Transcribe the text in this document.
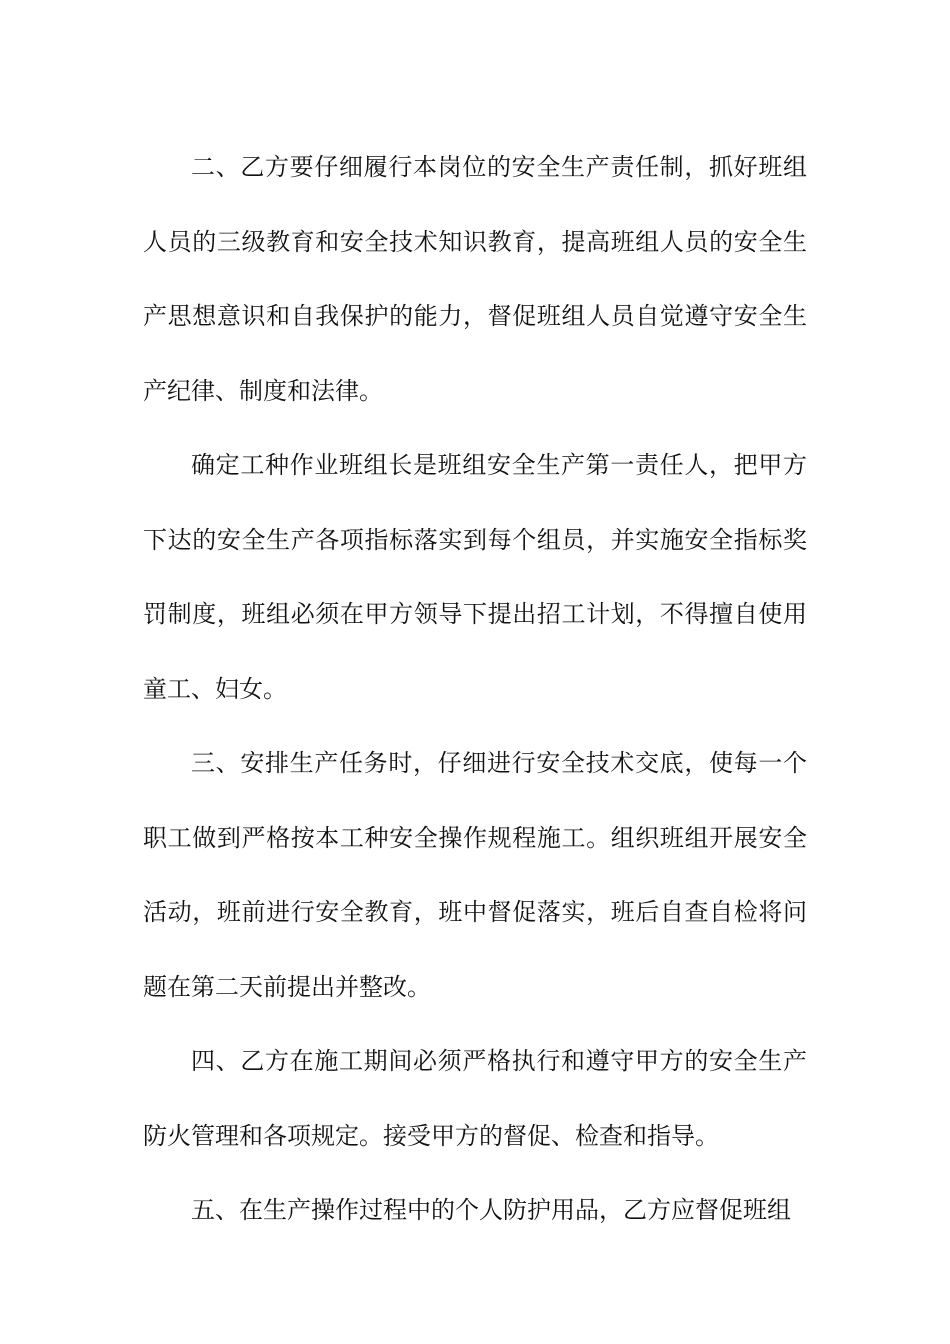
二、乙方要仔细履行本岗位的安全生产责任制，抓好班组人员的三级教育和安全技术知识教育，提高班组人员的安全生产思想意识和自我保护的能力，督促班组人员自觉遵守安全生产纪律、制度和法律。

确定工种作业班组长是班组安全生产第一责任人，把甲方下达的安全生产各项指标落实到每个组员，并实施安全指标奖罚制度，班组必须在甲方领导下提出招工计划，不得擅自使用童工、妇女。

三、安排生产任务时，仔细进行安全技术交底，使每一个职工做到严格按本工种安全操作规程施工。组织班组开展安全活动，班前进行安全教育，班中督促落实，班后自查自检将问题在第二天前提出并整改。

四、乙方在施工期间必须严格执行和遵守甲方的安全生产防火管理和各项规定。接受甲方的督促、检查和指导。

五、在生产操作过程中的个人防护用品，乙方应督促班组
